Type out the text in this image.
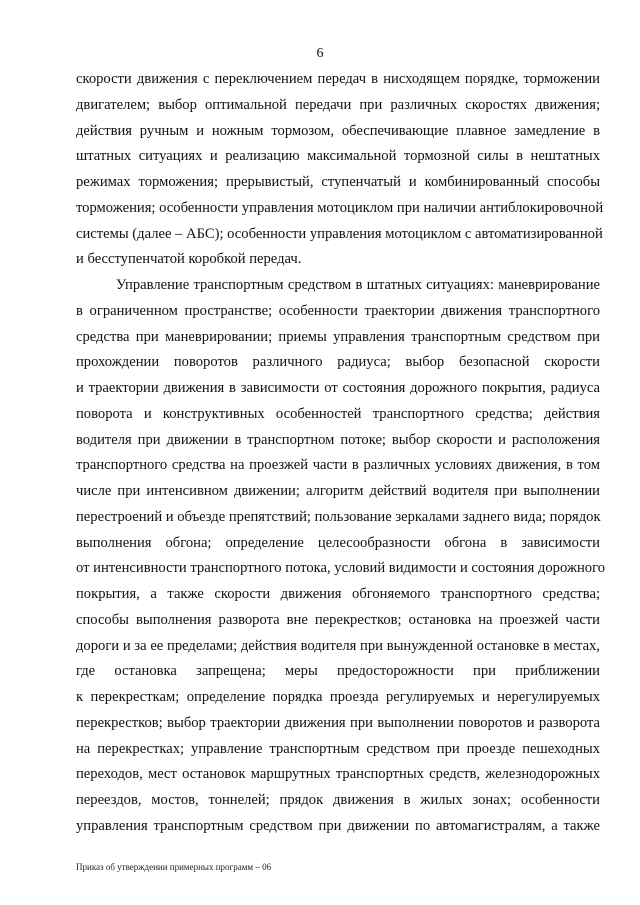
6

скорости движения с переключением передач в нисходящем порядке, торможении
двигателем; выбор оптимальной передачи при различных скоростях движения;
действия ручным и ножным тормозом, обеспечивающие плавное замедление в
штатных ситуациях и реализацию максимальной тормозной силы в нештатных
режимах торможения; прерывистый, ступенчатый и комбинированный способы
торможения; особенности управления мотоциклом при наличии антиблокировочной
системы (далее – АБС); особенности управления мотоциклом с автоматизированной
и бесступенчатой коробкой передач.

Управление транспортным средством в штатных ситуациях: маневрирование
в ограниченном пространстве; особенности траектории движения транспортного
средства при маневрировании; приемы управления транспортным средством при
прохождении поворотов различного радиуса; выбор безопасной скорости
и траектории движения в зависимости от состояния дорожного покрытия, радиуса
поворота и конструктивных особенностей транспортного средства; действия
водителя при движении в транспортном потоке; выбор скорости и расположения
транспортного средства на проезжей части в различных условиях движения, в том
числе при интенсивном движении; алгоритм действий водителя при выполнении
перестроений и объезде препятствий; пользование зеркалами заднего вида; порядок
выполнения обгона; определение целесообразности обгона в зависимости
от интенсивности транспортного потока, условий видимости и состояния дорожного
покрытия, а также скорости движения обгоняемого транспортного средства;
способы выполнения разворота вне перекрестков; остановка на проезжей части
дороги и за ее пределами; действия водителя при вынужденной остановке в местах,
где остановка запрещена; меры предосторожности при приближении
к перекресткам; определение порядка проезда регулируемых и нерегулируемых
перекрестков; выбор траектории движения при выполнении поворотов и разворота
на перекрестках; управление транспортным средством при проезде пешеходных
переходов, мест остановок маршрутных транспортных средств, железнодорожных
переездов, мостов, тоннелей; прядок движения в жилых зонах; особенности
управления транспортным средством при движении по автомагистралям, а также

Приказ об утверждении примерных программ – 06
